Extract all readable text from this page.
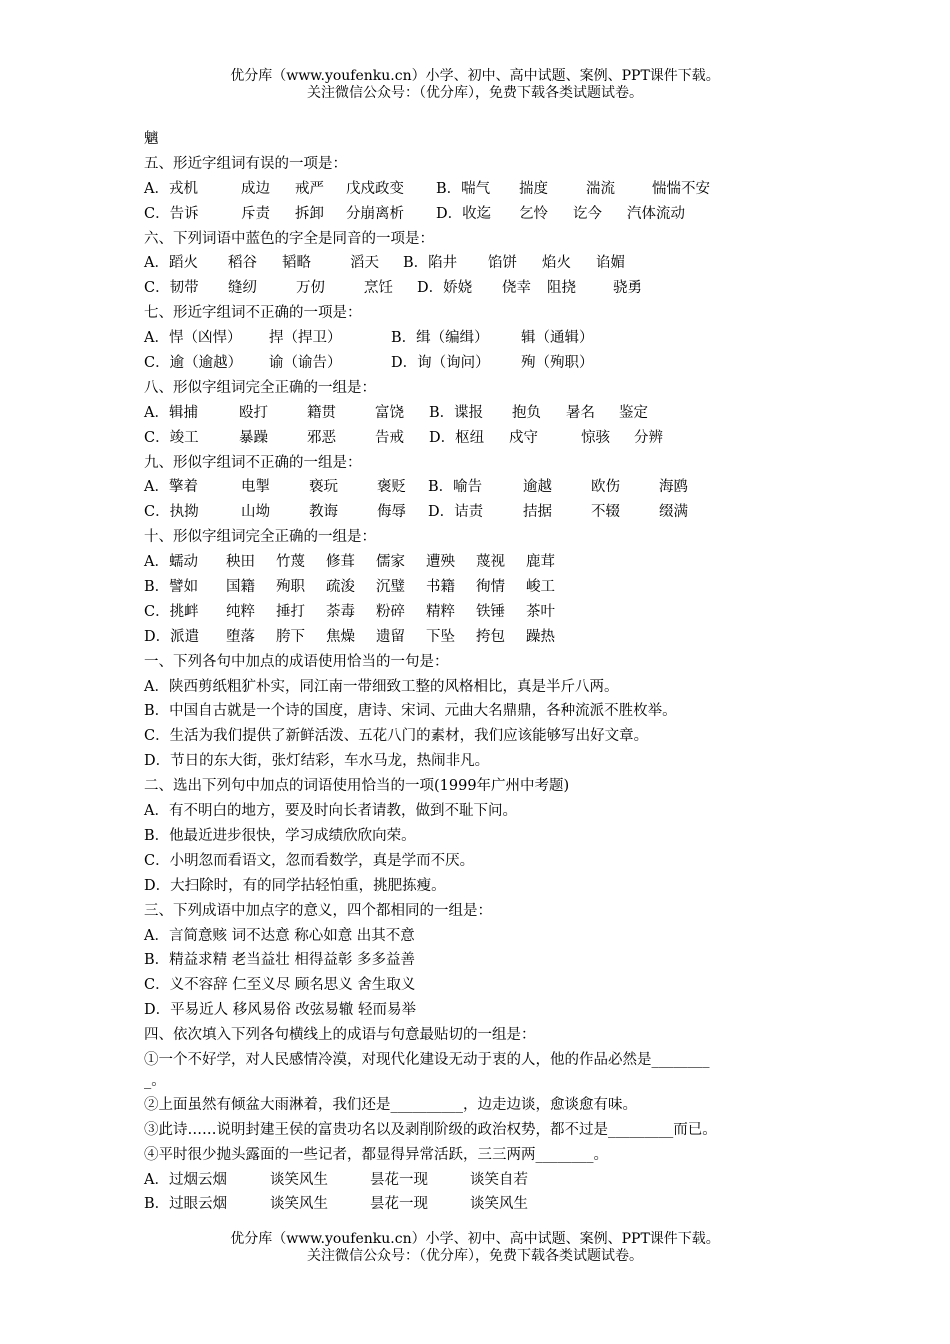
优分库（www.youfenku.cn）小学、初中、高中试题、案例、PPT课件下载。
关注微信公众号：（优分库），免费下载各类试题试卷。
魑
五、形近字组词有误的一项是：
A．戎机	成边 戒严 戊戍政变 B．喘气 揣度	湍流	惴惴不安
C．告诉	斥责 拆卸 分崩离析 D．收迄 乞怜 讫今 汽体流动
六、下列词语中蓝色的字全是同音的一项是：
A．蹈火 稻谷 韬略	滔天 B．陷井 馅饼 焰火 谄媚
C．韧带 缝纫	万仞	烹饪 D．娇娆 侥幸 阻挠	骁勇
七、形近字组词不正确的一项是：
A．悍（凶悍） 捍（捍卫）	B．缉（编缉） 辑（通辑）
C．逾（逾越） 谕（谕告）	D．询（询问） 殉（殉职）
八、形似字组词完全正确的一组是：
A．辑捕	殴打	籍贯	富饶 B．谍报 抱负 暑名 鉴定
C．竣工	暴躁	邪恶	告戒 D．枢纽 戍守	惊骇 分辨
九、形似字组词不正确的一组是：
A．擎着	电掣	亵玩	褒贬 B．喻告	逾越	欧伤	海鸥
C．执拗	山坳	教诲	侮辱 D．诘责	拮据	不辍	缀满
十、形似字组词完全正确的一组是：
A．蠕动 秧田 竹蔑 修葺 儒家 遭殃 蔑视 鹿茸
B．譬如 国籍 殉职 疏浚 沉璧 书籍 徇情 峻工
C．挑衅 纯粹 捶打 荼毒 粉碎 精粹 铁锤 茶叶
D．派遣 堕落 胯下 焦燥 遗留 下坠 挎包 躁热
一、下列各句中加点的成语使用恰当的一句是：
A．陕西剪纸粗犷朴实，同江南一带细致工整的风格相比，真是半斤八两。
B．中国自古就是一个诗的国度，唐诗、宋词、元曲大名鼎鼎，各种流派不胜枚举。
C．生活为我们提供了新鲜活泼、五花八门的素材，我们应该能够写出好文章。
D．节日的东大街，张灯结彩，车水马龙，热闹非凡。
二、选出下列句中加点的词语使用恰当的一项(1999年广州中考题)
A．有不明白的地方，要及时向长者请教，做到不耻下问。
B．他最近进步很快，学习成绩欣欣向荣。
C．小明忽而看语文，忽而看数学，真是学而不厌。
D．大扫除时，有的同学拈轻怕重，挑肥拣瘦。
三、下列成语中加点字的意义，四个都相同的一组是：
A．言简意赅 词不达意 称心如意 出其不意
B．精益求精 老当益壮 相得益彰 多多益善
C．义不容辞 仁至义尽 顾名思义 舍生取义
D．平易近人 移风易俗 改弦易辙 轻而易举
四、依次填入下列各句横线上的成语与句意最贴切的一组是：
①一个不好学，对人民感情冷漠，对现代化建设无动于衷的人，他的作品必然是________
_。
②上面虽然有倾盆大雨淋着，我们还是__________，边走边谈，愈谈愈有味。
③此诗……说明封建王侯的富贵功名以及剥削阶级的政治权势，都不过是_________而已。
④平时很少抛头露面的一些记者，都显得异常活跃，三三两两________。
A．过烟云烟	谈笑风生	昙花一现	谈笑自若
B．过眼云烟	谈笑风生	昙花一现	谈笑风生
优分库（www.youfenku.cn）小学、初中、高中试题、案例、PPT课件下载。
关注微信公众号：（优分库），免费下载各类试题试卷。
